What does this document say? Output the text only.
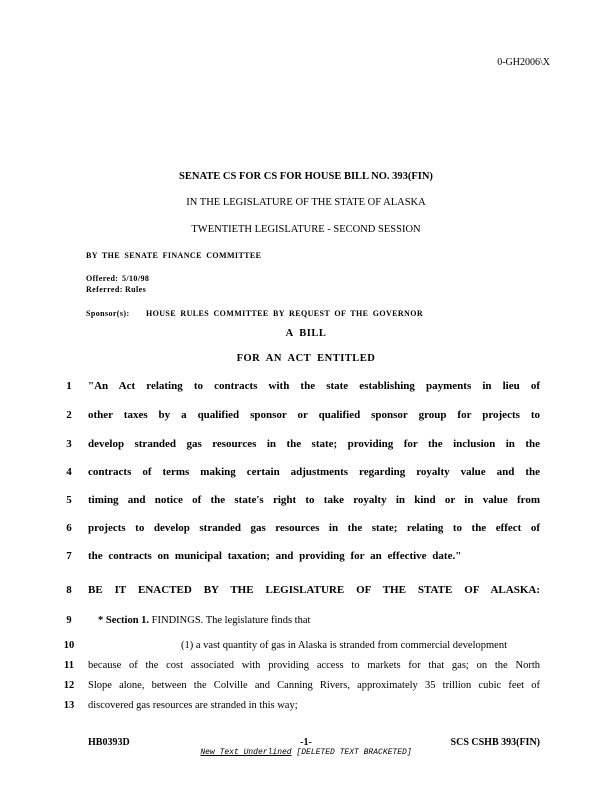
0-GH2006\X
SENATE CS FOR CS FOR HOUSE BILL NO. 393(FIN)
IN THE LEGISLATURE OF THE STATE OF ALASKA
TWENTIETH LEGISLATURE - SECOND SESSION
BY THE SENATE FINANCE COMMITTEE
Offered: 5/10/98
Referred: Rules
Sponsor(s): HOUSE RULES COMMITTEE BY REQUEST OF THE GOVERNOR
A BILL
FOR AN ACT ENTITLED
1	"An Act relating to contracts with the state establishing payments in lieu of
2	other taxes by a qualified sponsor or qualified sponsor group for projects to
3	develop stranded gas resources in the state; providing for the inclusion in the
4	contracts of terms making certain adjustments regarding royalty value and the
5	timing and notice of the state's right to take royalty in kind or in value from
6	projects to develop stranded gas resources in the state; relating to the effect of
7	the contracts on municipal taxation; and providing for an effective date."
8	BE IT ENACTED BY THE LEGISLATURE OF THE STATE OF ALASKA:
9	* Section 1. FINDINGS. The legislature finds that
10	(1) a vast quantity of gas in Alaska is stranded from commercial development
11	because of the cost associated with providing access to markets for that gas; on the North
12	Slope alone, between the Colville and Canning Rivers, approximately 35 trillion cubic feet of
13	discovered gas resources are stranded in this way;
HB0393D	-1-	SCS CSHB 393(FIN)
New Text Underlined [DELETED TEXT BRACKETED]
